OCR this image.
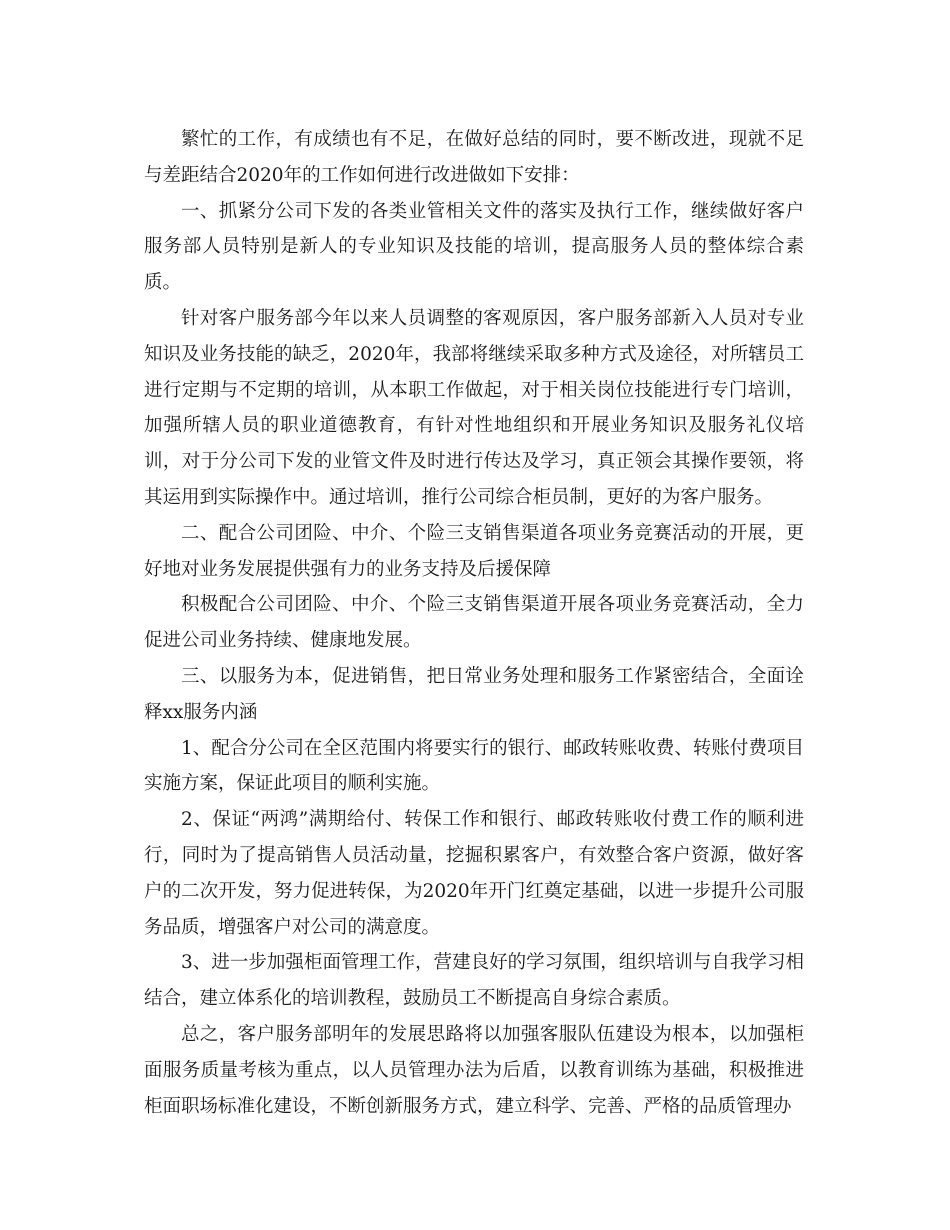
繁忙的工作，有成绩也有不足，在做好总结的同时，要不断改进，现就不足与差距结合2020年的工作如何进行改进做如下安排：

一、抓紧分公司下发的各类业管相关文件的落实及执行工作，继续做好客户服务部人员特别是新人的专业知识及技能的培训，提高服务人员的整体综合素质。

针对客户服务部今年以来人员调整的客观原因，客户服务部新入人员对专业知识及业务技能的缺乏，2020年，我部将继续采取多种方式及途径，对所辖员工进行定期与不定期的培训，从本职工作做起，对于相关岗位技能进行专门培训，加强所辖人员的职业道德教育，有针对性地组织和开展业务知识及服务礼仪培训，对于分公司下发的业管文件及时进行传达及学习，真正领会其操作要领，将其运用到实际操作中。通过培训，推行公司综合柜员制，更好的为客户服务。

二、配合公司团险、中介、个险三支销售渠道各项业务竞赛活动的开展，更好地对业务发展提供强有力的业务支持及后援保障

积极配合公司团险、中介、个险三支销售渠道开展各项业务竞赛活动，全力促进公司业务持续、健康地发展。

三、以服务为本，促进销售，把日常业务处理和服务工作紧密结合，全面诠释xx服务内涵

1、配合分公司在全区范围内将要实行的银行、邮政转账收费、转账付费项目实施方案，保证此项目的顺利实施。

2、保证“两鸿”满期给付、转保工作和银行、邮政转账收付费工作的顺利进行，同时为了提高销售人员活动量，挖掘积累客户，有效整合客户资源，做好客户的二次开发，努力促进转保，为2020年开门红奠定基础，以进一步提升公司服务品质，增强客户对公司的满意度。

3、进一步加强柜面管理工作，营建良好的学习氛围，组织培训与自我学习相结合，建立体系化的培训教程，鼓励员工不断提高自身综合素质。

总之，客户服务部明年的发展思路将以加强客服队伍建设为根本，以加强柜面服务质量考核为重点，以人员管理办法为后盾，以教育训练为基础，积极推进柜面职场标准化建设，不断创新服务方式，建立科学、完善、严格的品质管理办
